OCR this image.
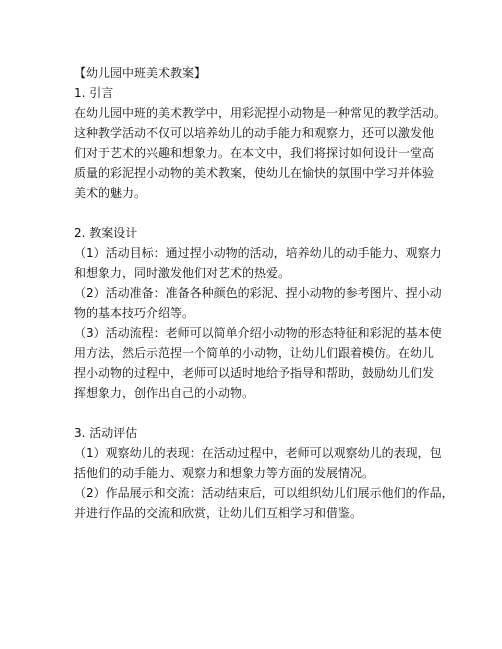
【幼儿园中班美术教案】
1. 引言
在幼儿园中班的美术教学中，用彩泥捏小动物是一种常见的教学活动。
这种教学活动不仅可以培养幼儿的动手能力和观察力，还可以激发他
们对于艺术的兴趣和想象力。在本文中，我们将探讨如何设计一堂高
质量的彩泥捏小动物的美术教案，使幼儿在愉快的氛围中学习并体验
美术的魅力。
2. 教案设计
（1）活动目标：通过捏小动物的活动，培养幼儿的动手能力、观察力
和想象力，同时激发他们对艺术的热爱。
（2）活动准备：准备各种颜色的彩泥、捏小动物的参考图片、捏小动
物的基本技巧介绍等。
（3）活动流程：老师可以简单介绍小动物的形态特征和彩泥的基本使
用方法，然后示范捏一个简单的小动物，让幼儿们跟着模仿。在幼儿
捏小动物的过程中，老师可以适时地给予指导和帮助，鼓励幼儿们发
挥想象力，创作出自己的小动物。
3. 活动评估
（1）观察幼儿的表现：在活动过程中，老师可以观察幼儿的表现，包
括他们的动手能力、观察力和想象力等方面的发展情况。
（2）作品展示和交流：活动结束后，可以组织幼儿们展示他们的作品，
并进行作品的交流和欣赏，让幼儿们互相学习和借鉴。
